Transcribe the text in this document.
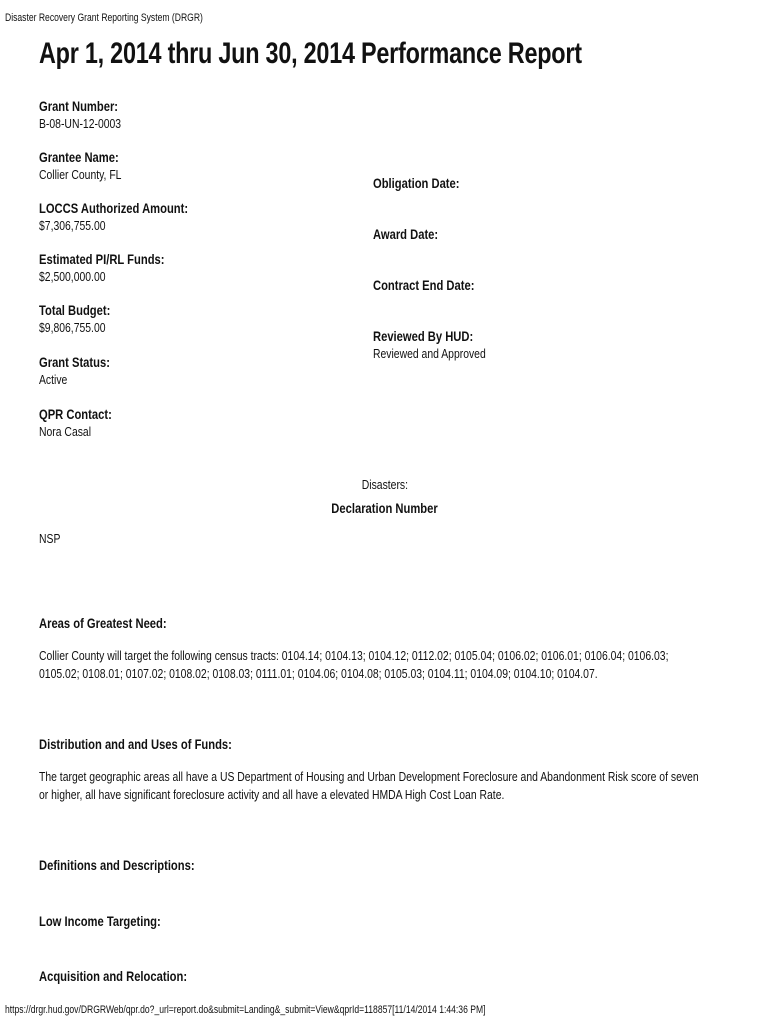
Disaster Recovery Grant Reporting System (DRGR)
Apr 1, 2014 thru Jun 30, 2014 Performance Report
Grant Number:
B-08-UN-12-0003
Grantee Name:
Collier County, FL
LOCCS Authorized Amount:
$7,306,755.00
Estimated PI/RL Funds:
$2,500,000.00
Total Budget:
$9,806,755.00
Grant Status:
Active
QPR Contact:
Nora Casal
Obligation Date:
Award Date:
Contract End Date:
Reviewed By HUD:
Reviewed and Approved
Disasters:
Declaration Number
NSP
Areas of Greatest Need:
Collier County will target the following census tracts: 0104.14; 0104.13; 0104.12; 0112.02; 0105.04; 0106.02; 0106.01; 0106.04; 0106.03; 0105.02; 0108.01; 0107.02; 0108.02; 0108.03; 0111.01; 0104.06; 0104.08; 0105.03; 0104.11; 0104.09; 0104.10; 0104.07.
Distribution and and Uses of Funds:
The target geographic areas all have a US Department of Housing and Urban Development Foreclosure and Abandonment Risk score of seven or higher, all have significant foreclosure activity and all have a elevated HMDA High Cost Loan Rate.
Definitions and Descriptions:
Low Income Targeting:
Acquisition and Relocation:
https://drgr.hud.gov/DRGRWeb/qpr.do?_url=report.do&submit=Landing&_submit=View&qprId=118857[11/14/2014 1:44:36 PM]
